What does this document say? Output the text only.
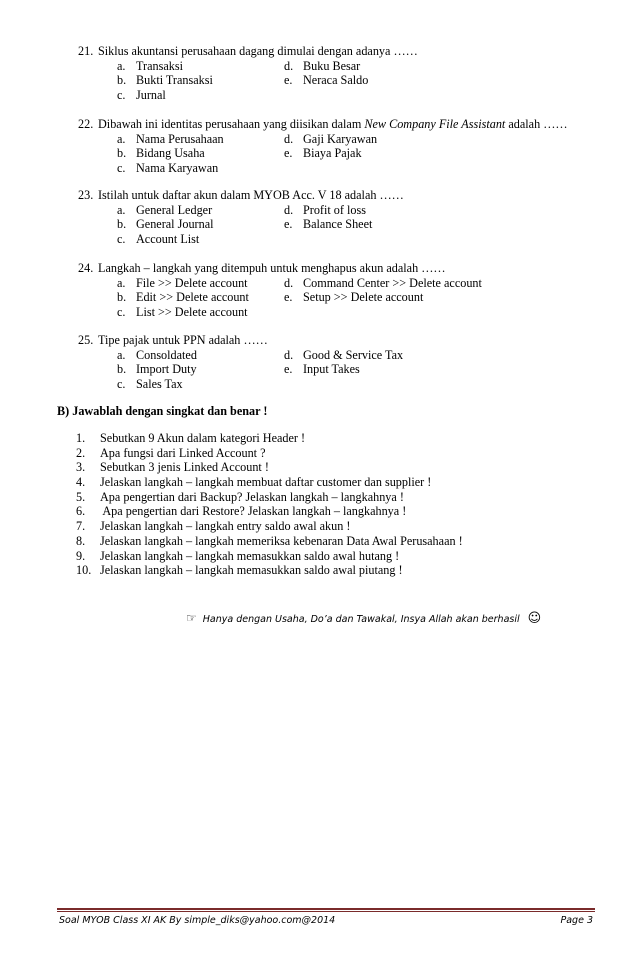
21. Siklus akuntansi perusahaan dagang dimulai dengan adanya ……
a. Transaksi	d. Buku Besar
b. Bukti Transaksi	e. Neraca Saldo
c. Jurnal
22. Dibawah ini identitas perusahaan yang diisikan dalam New Company File Assistant adalah ……
a. Nama Perusahaan	d. Gaji Karyawan
b. Bidang Usaha	e. Biaya Pajak
c. Nama Karyawan
23. Istilah untuk daftar akun dalam MYOB Acc. V 18 adalah ……
a. General Ledger	d. Profit of loss
b. General Journal	e. Balance Sheet
c. Account List
24. Langkah – langkah yang ditempuh untuk menghapus akun adalah ……
a. File >> Delete account	d. Command Center >> Delete account
b. Edit >> Delete account	e. Setup >> Delete account
c. List >> Delete account
25. Tipe pajak untuk PPN adalah ……
a. Consoldated	d. Good & Service Tax
b. Import Duty	e. Input Takes
c. Sales Tax
B) Jawablah dengan singkat dan benar !
1. Sebutkan 9 Akun dalam kategori Header !
2. Apa fungsi dari Linked Account ?
3. Sebutkan 3 jenis Linked Account !
4. Jelaskan langkah – langkah membuat daftar customer dan supplier !
5. Apa pengertian dari Backup? Jelaskan langkah – langkahnya !
6. Apa pengertian dari Restore? Jelaskan langkah – langkahnya !
7. Jelaskan langkah – langkah entry saldo awal akun !
8. Jelaskan langkah – langkah memeriksa kebenaran Data Awal Perusahaan !
9. Jelaskan langkah – langkah memasukkan saldo awal hutang !
10. Jelaskan langkah – langkah memasukkan saldo awal piutang !
☞ Hanya dengan Usaha, Do’a dan Tawakal, Insya Allah akan berhasil ☺
Soal MYOB Class XI AK By simple_diks@yahoo.com@2014	Page 3
